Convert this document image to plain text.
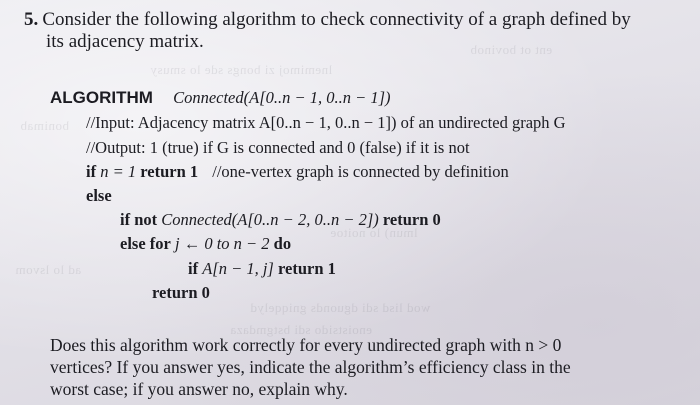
ent ot bovinob
lnemimoj zi bongs sde lo smusy
bonimab
lmun) lo noitoe
ad lo lsvom
wod lisd sdi dguonds gniqqelyd
enoistsido sdi bstgmdaza
5. Consider the following algorithm to check connectivity of a graph defined by
its adjacency matrix.
ALGORITHM Connected(A[0..n − 1, 0..n − 1])
//Input: Adjacency matrix A[0..n − 1, 0..n − 1]) of an undirected graph G
//Output: 1 (true) if G is connected and 0 (false) if it is not
if n = 1 return 1 //one-vertex graph is connected by definition
else
if not Connected(A[0..n − 2, 0..n − 2]) return 0
else for j ← 0 to n − 2 do
if A[n − 1, j] return 1
return 0
Does this algorithm work correctly for every undirected graph with n > 0
vertices? If you answer yes, indicate the algorithm’s efficiency class in the
worst case; if you answer no, explain why.
